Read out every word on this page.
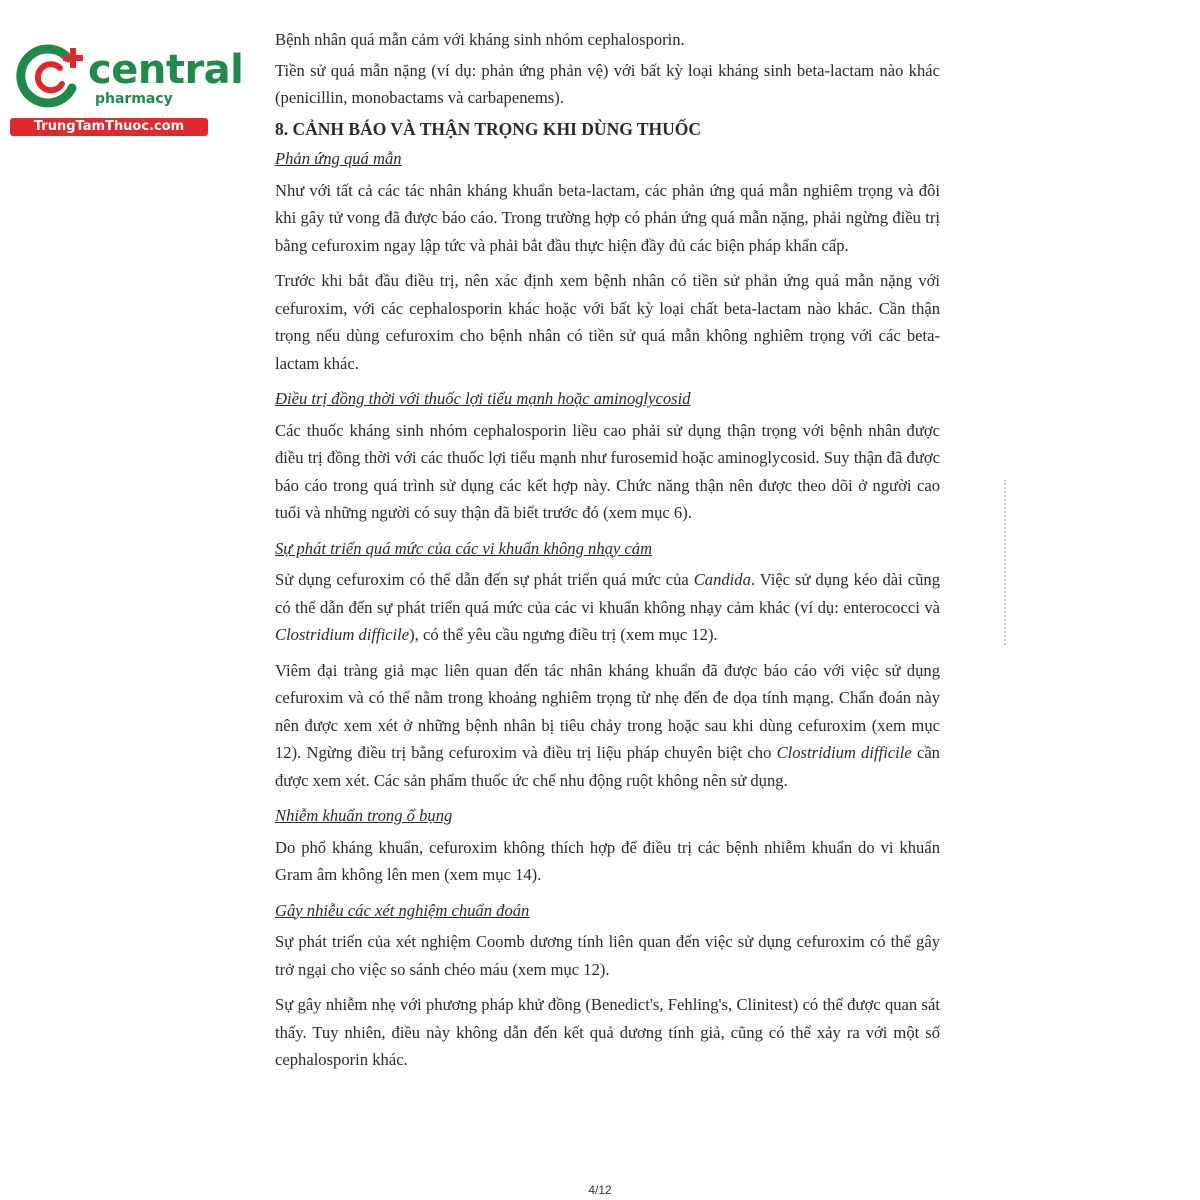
central
pharmacy
TrungTamThuoc.com

Bệnh nhân quá mẫn cảm với kháng sinh nhóm cephalosporin.

Tiền sử quá mẫn nặng (ví dụ: phản ứng phản vệ) với bất kỳ loại kháng sinh beta-lactam nào khác (penicillin, monobactams và carbapenems).

8. CẢNH BÁO VÀ THẬN TRỌNG KHI DÙNG THUỐC

Phản ứng quá mẫn

Như với tất cả các tác nhân kháng khuẩn beta-lactam, các phản ứng quá mẫn nghiêm trọng và đôi khi gây tử vong đã được báo cáo. Trong trường hợp có phản ứng quá mẫn nặng, phải ngừng điều trị bằng cefuroxim ngay lập tức và phải bắt đầu thực hiện đầy đủ các biện pháp khẩn cấp.

Trước khi bắt đầu điều trị, nên xác định xem bệnh nhân có tiền sử phản ứng quá mẫn nặng với cefuroxim, với các cephalosporin khác hoặc với bất kỳ loại chất beta-lactam nào khác. Cần thận trọng nếu dùng cefuroxim cho bệnh nhân có tiền sử quá mẫn không nghiêm trọng với các beta-lactam khác.

Điều trị đồng thời với thuốc lợi tiểu mạnh hoặc aminoglycosid

Các thuốc kháng sinh nhóm cephalosporin liều cao phải sử dụng thận trọng với bệnh nhân được điều trị đồng thời với các thuốc lợi tiểu mạnh như furosemid hoặc aminoglycosid. Suy thận đã được báo cáo trong quá trình sử dụng các kết hợp này. Chức năng thận nên được theo dõi ở người cao tuổi và những người có suy thận đã biết trước đó (xem mục 6).

Sự phát triển quá mức của các vi khuẩn không nhạy cảm

Sử dụng cefuroxim có thể dẫn đến sự phát triển quá mức của Candida. Việc sử dụng kéo dài cũng có thể dẫn đến sự phát triển quá mức của các vi khuẩn không nhạy cảm khác (ví dụ: enterococci và Clostridium difficile), có thể yêu cầu ngưng điều trị (xem mục 12).

Viêm đại tràng giả mạc liên quan đến tác nhân kháng khuẩn đã được báo cáo với việc sử dụng cefuroxim và có thể nằm trong khoảng nghiêm trọng từ nhẹ đến đe dọa tính mạng. Chẩn đoán này nên được xem xét ở những bệnh nhân bị tiêu chảy trong hoặc sau khi dùng cefuroxim (xem mục 12). Ngừng điều trị bằng cefuroxim và điều trị liệu pháp chuyên biệt cho Clostridium difficile cần được xem xét. Các sản phẩm thuốc ức chế nhu động ruột không nên sử dụng.

Nhiễm khuẩn trong ổ bụng

Do phổ kháng khuẩn, cefuroxim không thích hợp để điều trị các bệnh nhiễm khuẩn do vi khuẩn Gram âm không lên men (xem mục 14).

Gây nhiễu các xét nghiệm chuẩn đoán

Sự phát triển của xét nghiệm Coomb dương tính liên quan đến việc sử dụng cefuroxim có thể gây trở ngại cho việc so sánh chéo máu (xem mục 12).

Sự gây nhiễm nhẹ với phương pháp khử đồng (Benedict's, Fehling's, Clinitest) có thể được quan sát thấy. Tuy nhiên, điều này không dẫn đến kết quả dương tính giả, cũng có thể xảy ra với một số cephalosporin khác.

4/12
